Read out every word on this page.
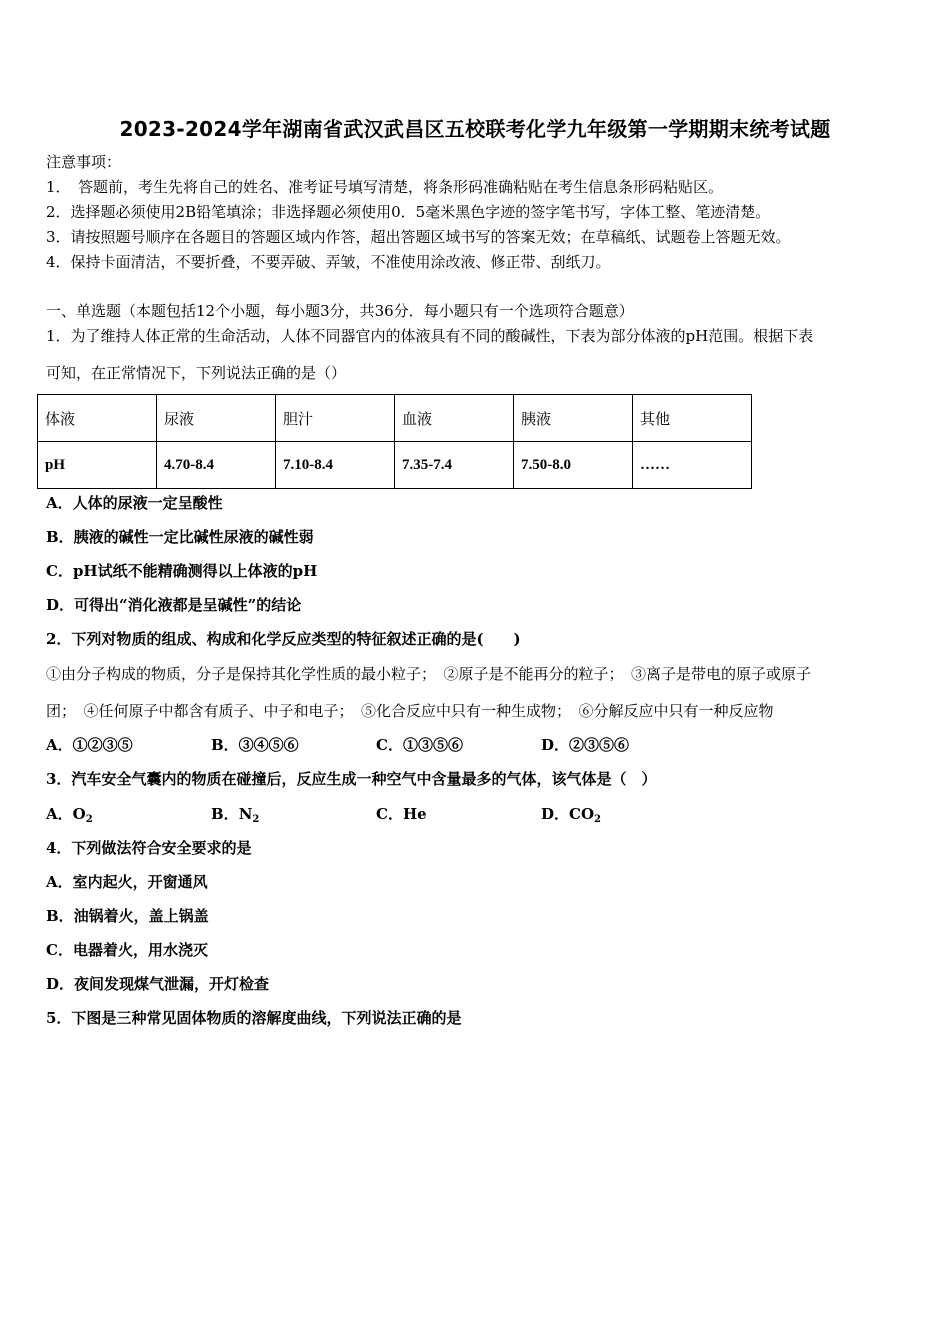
2023-2024学年湖南省武汉武昌区五校联考化学九年级第一学期期末统考试题
注意事项：
1．　答题前，考生先将自己的姓名、准考证号填写清楚，将条形码准确粘贴在考生信息条形码粘贴区。
2．选择题必须使用2B铅笔填涂；非选择题必须使用0．5毫米黑色字迹的签字笔书写，字体工整、笔迹清楚。
3．请按照题号顺序在各题目的答题区域内作答，超出答题区域书写的答案无效；在草稿纸、试题卷上答题无效。
4．保持卡面清洁，不要折叠，不要弄破、弄皱，不准使用涂改液、修正带、刮纸刀。
一、单选题（本题包括12个小题，每小题3分，共36分．每小题只有一个选项符合题意）
1．为了维持人体正常的生命活动，人体不同器官内的体液具有不同的酸碱性，下表为部分体液的pH范围。根据下表
可知，在正常情况下，下列说法正确的是（）
体液	尿液	胆汁	血液	胰液	其他
pH	4.70-8.4	7.10-8.4	7.35-7.4	7.50-8.0	……
A．人体的尿液一定呈酸性
B．胰液的碱性一定比碱性尿液的碱性弱
C．pH试纸不能精确测得以上体液的pH
D．可得出“消化液都是呈碱性”的结论
2．下列对物质的组成、构成和化学反应类型的特征叙述正确的是(　　)
①由分子构成的物质，分子是保持其化学性质的最小粒子；　②原子是不能再分的粒子；　③离子是带电的原子或原子
团；　④任何原子中都含有质子、中子和电子；　⑤化合反应中只有一种生成物；　⑥分解反应中只有一种反应物
A．①②③⑤	B．③④⑤⑥	C．①③⑤⑥	D．②③⑤⑥
3．汽车安全气囊内的物质在碰撞后，反应生成一种空气中含量最多的气体，该气体是（　）
A．$O_2$	B．$N_2$	C．He	D．$CO_2$
4．下列做法符合安全要求的是
A．室内起火，开窗通风
B．油锅着火，盖上锅盖
C．电器着火，用水浇灭
D．夜间发现煤气泄漏，开灯检查
5．下图是三种常见固体物质的溶解度曲线，下列说法正确的是
